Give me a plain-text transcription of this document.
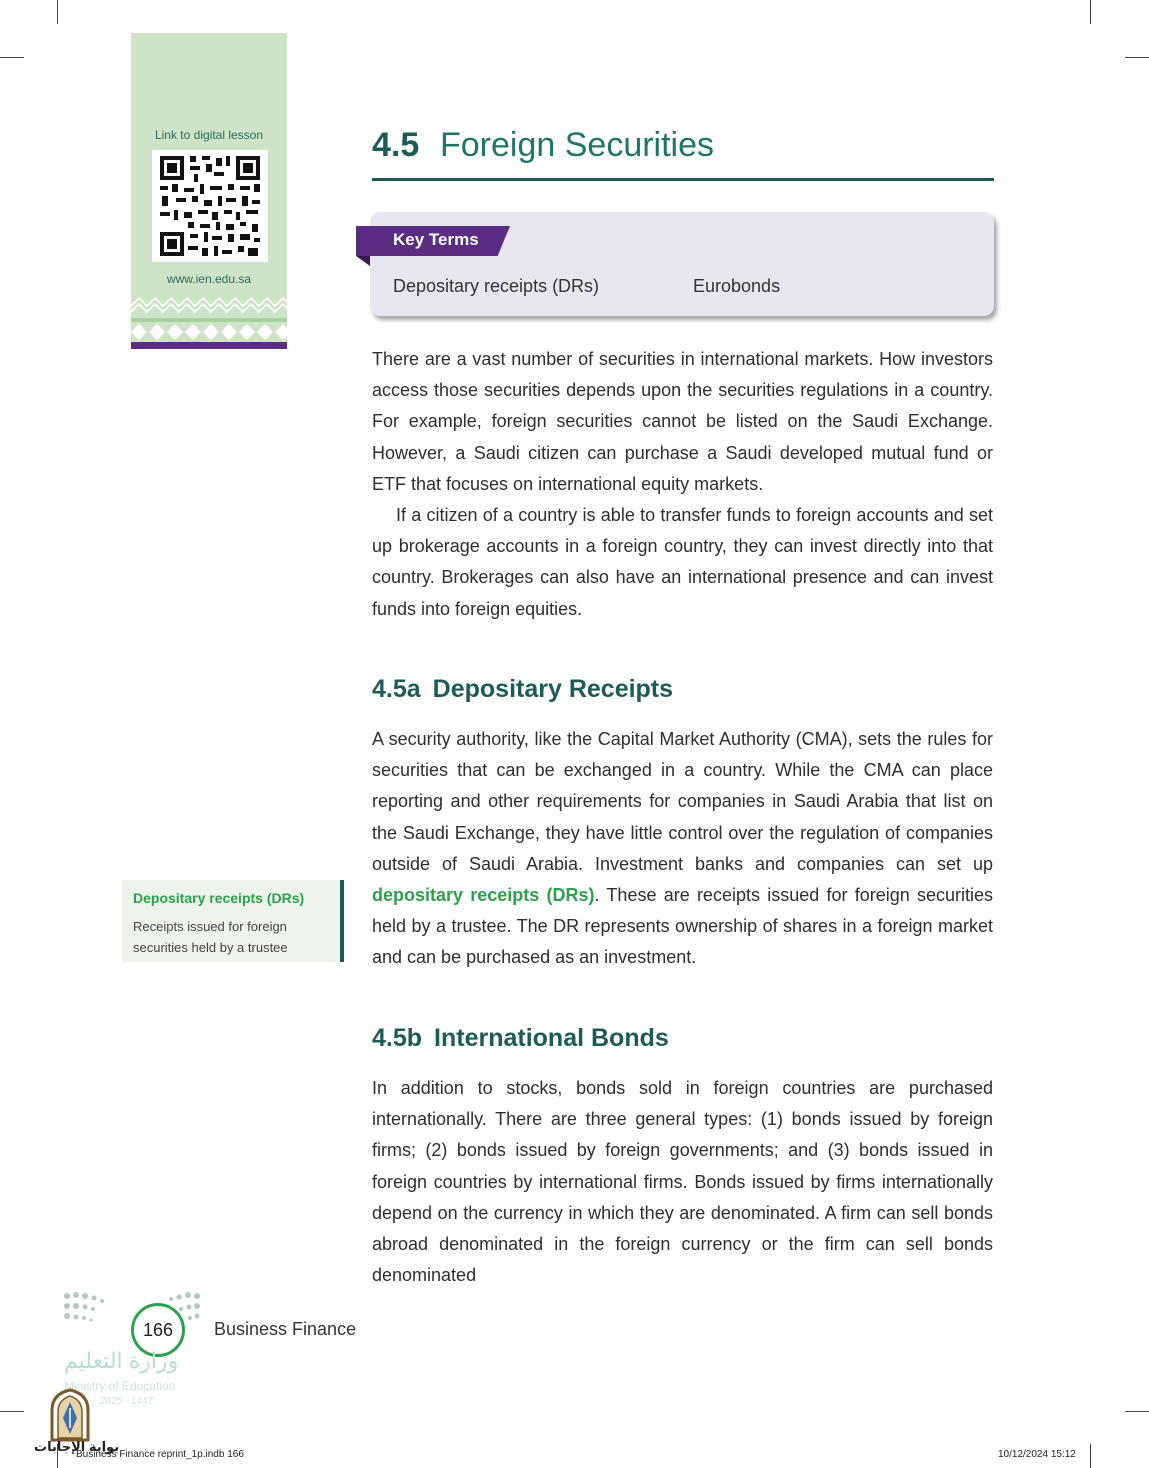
Link to digital lesson
www.ien.edu.sa
4.5 Foreign Securities
Key Terms
Depositary receipts (DRs)	Eurobonds

There are a vast number of securities in international markets. How investors access those securities depends upon the securities regulations in a country. For example, foreign securities cannot be listed on the Saudi Exchange. However, a Saudi citizen can purchase a Saudi developed mutual fund or ETF that focuses on international equity markets.

If a citizen of a country is able to transfer funds to foreign accounts and set up brokerage accounts in a foreign country, they can invest directly into that country. Brokerages can also have an international presence and can invest funds into foreign equities.

4.5a Depositary Receipts

A security authority, like the Capital Market Authority (CMA), sets the rules for securities that can be exchanged in a country. While the CMA can place reporting and other requirements for companies in Saudi Arabia that list on the Saudi Exchange, they have little control over the regulation of companies outside of Saudi Arabia. Investment banks and companies can set up depositary receipts (DRs). These are receipts issued for foreign securities held by a trustee. The DR represents ownership of shares in a foreign market and can be purchased as an investment.

Depositary receipts (DRs)
Receipts issued for foreign securities held by a trustee
4.5b International Bonds

In addition to stocks, bonds sold in foreign countries are purchased internationally. There are three general types: (1) bonds issued by foreign firms; (2) bonds issued by foreign governments; and (3) bonds issued in foreign countries by international firms. Bonds issued by firms internationally depend on the currency in which they are denominated. A firm can sell bonds abroad denominated in the foreign currency or the firm can sell bonds denominated

166	Business Finance
وزارة التعليم
Ministry of Education
2025 - 1447
بوابة الإجابات
Business Finance reprint_1p.indb 166	10/12/2024 15:12
